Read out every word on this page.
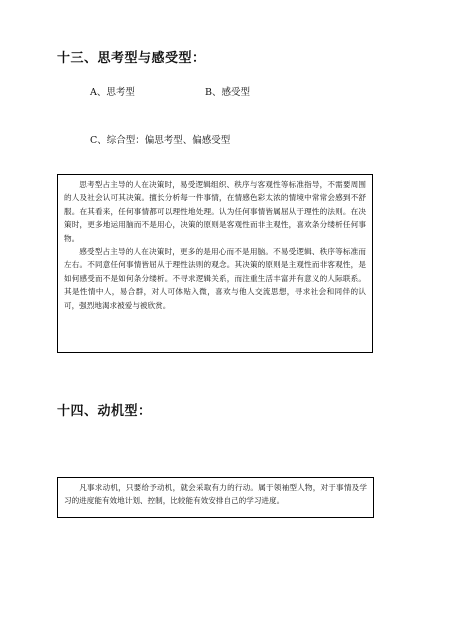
十三、思考型与感受型：
A、思考型	B、感受型
C、综合型：偏思考型、偏感受型

思考型占主导的人在决策时，易受逻辑组织、秩序与客观性等标准指导，不需要周围的人及社会认可其决策。擅长分析每一件事情，在情感色彩太浓的情境中常常会感到不舒服。在其看来，任何事情都可以理性地处理。认为任何事情皆属屈从于理性的法则。在决策时，更多地运用脑而不是用心，决策的原则是客观性而非主观性，喜欢条分缕析任何事物。

感受型占主导的人在决策时，更多的是用心而不是用脑。不易受逻辑、秩序等标准而左右。不同意任何事情皆屈从于理性法则的观念。其决策的原则是主观性而非客观性，是如何感受而不是如何条分缕析。不寻求逻辑关系，而注重生活丰富并有意义的人际联系。其是性情中人，易合群，对人可体贴入微，喜欢与他人交流思想，寻求社会和同伴的认可，强烈地渴求被爱与被欣赏。

十四、动机型：

凡事求动机，只要给予动机，就会采取有力的行动。属于领袖型人物，对于事情及学习的进度能有效地计划、控制，比较能有效安排自己的学习进度。
